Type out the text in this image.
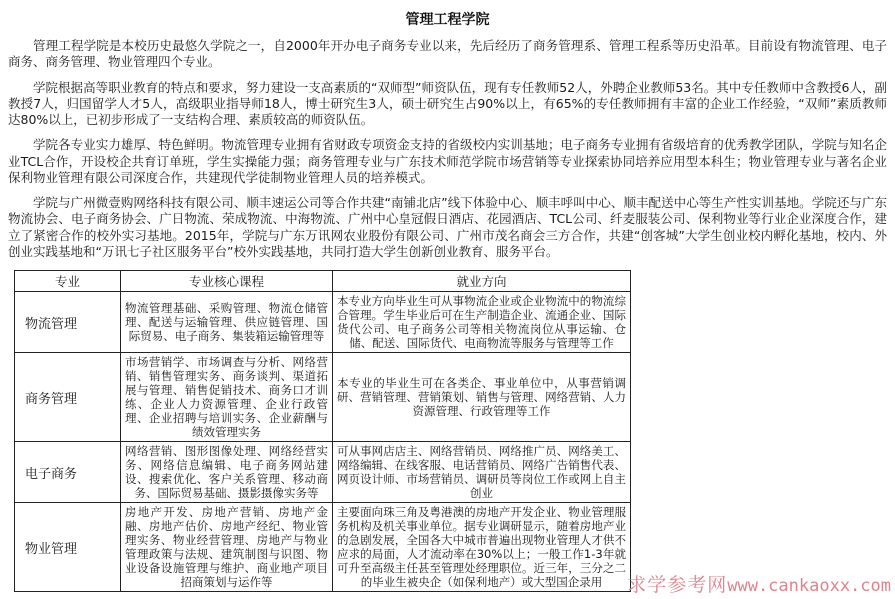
管理工程学院

管理工程学院是本校历史最悠久学院之一，自2000年开办电子商务专业以来，先后经历了商务管理系、管理工程系等历史沿革。目前设有物流管理、电子商务、商务管理、物业管理四个专业。

学院根据高等职业教育的特点和要求，努力建设一支高素质的“双师型”师资队伍，现有专任教师52人，外聘企业教师53名。其中专任教师中含教授6人，副教授7人，归国留学人才5人，高级职业指导师18人，博士研究生3人，硕士研究生占90%以上，有65%的专任教师拥有丰富的企业工作经验，“双师”素质教师达80%以上，已初步形成了一支结构合理、素质较高的师资队伍。

学院各专业实力雄厚、特色鲜明。物流管理专业拥有省财政专项资金支持的省级校内实训基地；电子商务专业拥有省级培育的优秀教学团队，学院与知名企业TCL合作，开设校企共育订单班，学生实操能力强；商务管理专业与广东技术师范学院市场营销等专业探索协同培养应用型本科生；物业管理专业与著名企业保利物业管理有限公司深度合作，共建现代学徒制物业管理人员的培养模式。

学院与广州微壹购网络科技有限公司、顺丰速运公司等合作共建“南铺北店”线下体验中心、顺丰呼叫中心、顺丰配送中心等生产性实训基地。学院还与广东物流协会、电子商务协会、广日物流、荣成物流、中海物流、广州中心皇冠假日酒店、花园酒店、TCL公司、纤麦服装公司、保利物业等行业企业深度合作，建立了紧密合作的校外实习基地。2015年，学院与广东万讯网农业股份有限公司、广州市茂名商会三方合作，共建“创客城”大学生创业校内孵化基地，校内、外创业实践基地和“万讯七子社区服务平台”校外实践基地，共同打造大学生创新创业教育、服务平台。

专业	专业核心课程	就业方向
物流管理	物流管理基础、采购管理、物流仓储管理、配送与运输管理、供应链管理、国际贸易、电子商务、集装箱运输管理等	本专业方向毕业生可从事物流企业或企业物流中的物流综合管理。学生毕业后可在生产制造企业、流通企业、国际货代公司、电子商务公司等相关物流岗位从事运输、仓储、配送、国际货代、电商物流等服务与管理等工作
商务管理	市场营销学、市场调查与分析、网络营销、销售管理实务、商务谈判、渠道拓展与管理、销售促销技术、商务口才训练、企业人力资源管理、企业行政管理、企业招聘与培训实务、企业薪酬与绩效管理实务	本专业的毕业生可在各类企、事业单位中，从事营销调研、营销管理、营销策划、销售与管理、网络营销、人力资源管理、行政管理等工作
电子商务	网络营销、图形图像处理、网络经营实务、网络信息编辑、电子商务网站建设、搜索优化、客户关系管理、移动商务、国际贸易基础、摄影摄像实务等	可从事网店店主、网络营销员、网络推广员、网络美工、网络编辑、在线客服、电话营销员、网络广告销售代表、网页设计师、市场营销员、调研员等岗位工作或网上自主创业
物业管理	房地产开发、房地产营销、房地产金融、房地产估价、房地产经纪、物业管理实务、物业经营管理、房地产与物业管理政策与法规、建筑制图与识图、物业设备设施管理与维护、商业地产项目招商策划与运作等	主要面向珠三角及粤港澳的房地产开发企业、物业管理服务机构及机关事业单位。据专业调研显示，随着房地产业的急剧发展，全国各大中城市普遍出现物业管理人才供不应求的局面，人才流动率在30%以上；一般工作1-3年就可升至高级主任甚至管理处经理职位。近三年，三分之二的毕业生被央企（如保利地产）或大型国企录用 求学参考网www.cankaoxx.com
